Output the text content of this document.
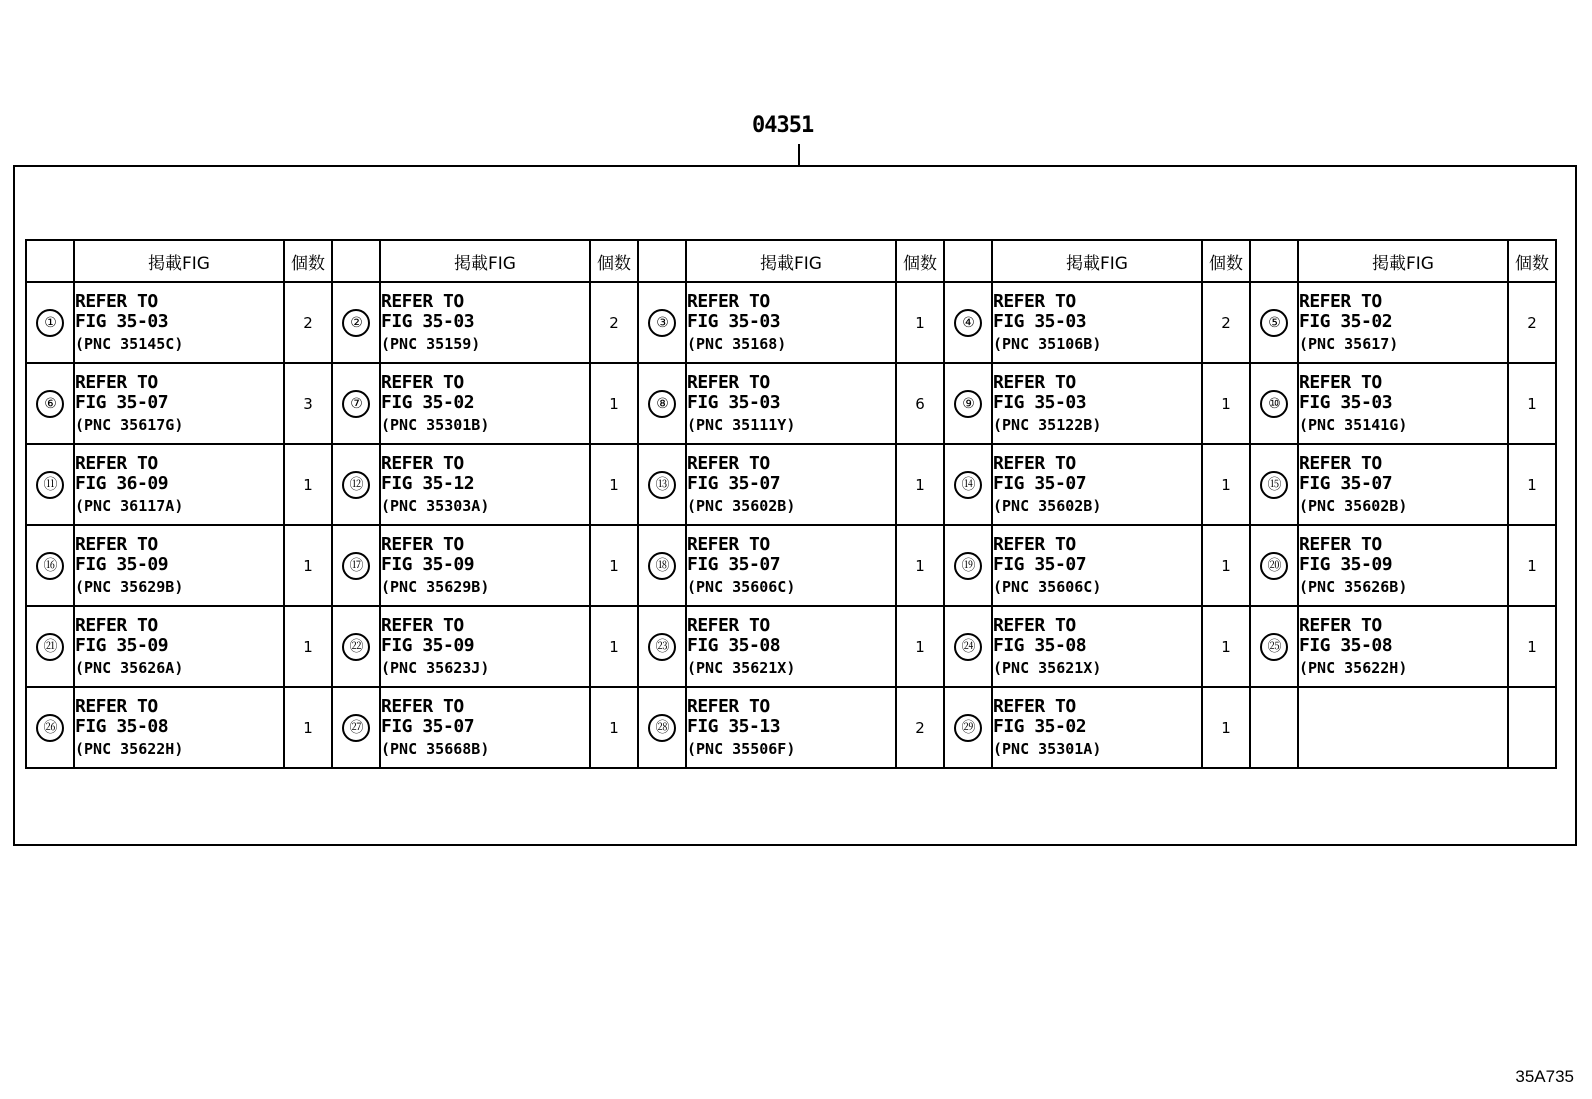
04351
	掲載FIG	個数		掲載FIG	個数		掲載FIG	個数		掲載FIG	個数		掲載FIG	個数
①	REFER TO
FIG 35-03
(PNC 35145C)	2	②	REFER TO
FIG 35-03
(PNC 35159)	2	③	REFER TO
FIG 35-03
(PNC 35168)	1	④	REFER TO
FIG 35-03
(PNC 35106B)	2	⑤	REFER TO
FIG 35-02
(PNC 35617)	2
⑥	REFER TO
FIG 35-07
(PNC 35617G)	3	⑦	REFER TO
FIG 35-02
(PNC 35301B)	1	⑧	REFER TO
FIG 35-03
(PNC 35111Y)	6	⑨	REFER TO
FIG 35-03
(PNC 35122B)	1	⑩	REFER TO
FIG 35-03
(PNC 35141G)	1
⑪	REFER TO
FIG 36-09
(PNC 36117A)	1	⑫	REFER TO
FIG 35-12
(PNC 35303A)	1	⑬	REFER TO
FIG 35-07
(PNC 35602B)	1	⑭	REFER TO
FIG 35-07
(PNC 35602B)	1	⑮	REFER TO
FIG 35-07
(PNC 35602B)	1
⑯	REFER TO
FIG 35-09
(PNC 35629B)	1	⑰	REFER TO
FIG 35-09
(PNC 35629B)	1	⑱	REFER TO
FIG 35-07
(PNC 35606C)	1	⑲	REFER TO
FIG 35-07
(PNC 35606C)	1	⑳	REFER TO
FIG 35-09
(PNC 35626B)	1
㉑	REFER TO
FIG 35-09
(PNC 35626A)	1	㉒	REFER TO
FIG 35-09
(PNC 35623J)	1	㉓	REFER TO
FIG 35-08
(PNC 35621X)	1	㉔	REFER TO
FIG 35-08
(PNC 35621X)	1	㉕	REFER TO
FIG 35-08
(PNC 35622H)	1
㉖	REFER TO
FIG 35-08
(PNC 35622H)	1	㉗	REFER TO
FIG 35-07
(PNC 35668B)	1	㉘	REFER TO
FIG 35-13
(PNC 35506F)	2	㉙	REFER TO
FIG 35-02
(PNC 35301A)	1			
35A735
